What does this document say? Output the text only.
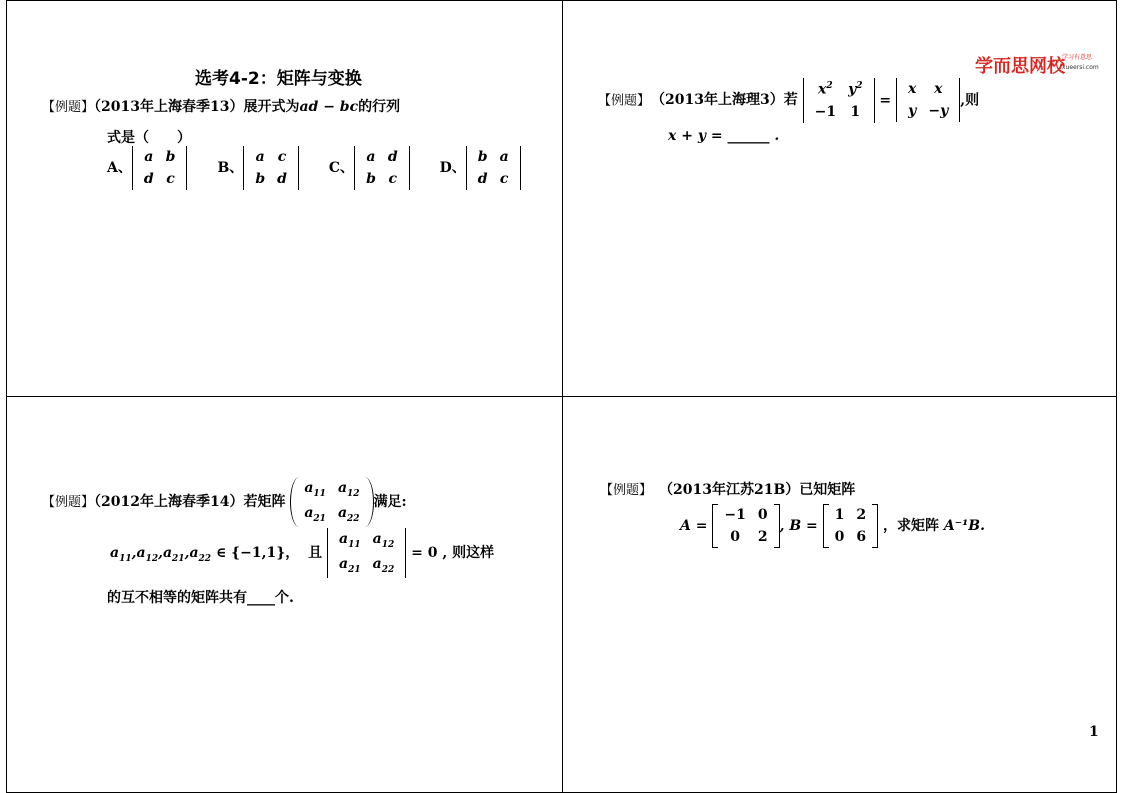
选考4-2：矩阵与变换
【例题】（2013年上海春季13）展开式为ad − bc的行列
式是（　　）
A、
a	b
d	c
B、
a	c
b	d
C、
a	d
b	c
D、
b	a
d	c
学而思网校
学习有意思
xueersi.com
【例题】 （2013年上海理3）若
$x^2$	$y^2$
−1	1
=
x	x
y	−y
,则
x + y = ______ .
【例题】（2012年上海春季14）若矩阵
$a_{11}$	$a_{12}$
$a_{21}$	$a_{22}$
满足:
$a_{11},a_{12},a_{21},a_{22}$ ∈ {−1,1}， 且
$a_{11}$	$a_{12}$
$a_{21}$	$a_{22}$
= 0 , 则这样
的互不相等的矩阵共有____个.
【例题】 （2013年江苏21B）已知矩阵
A =
−1	0
0	2
, B =
1	2
0	6
，求矩阵 A⁻¹B.
1
